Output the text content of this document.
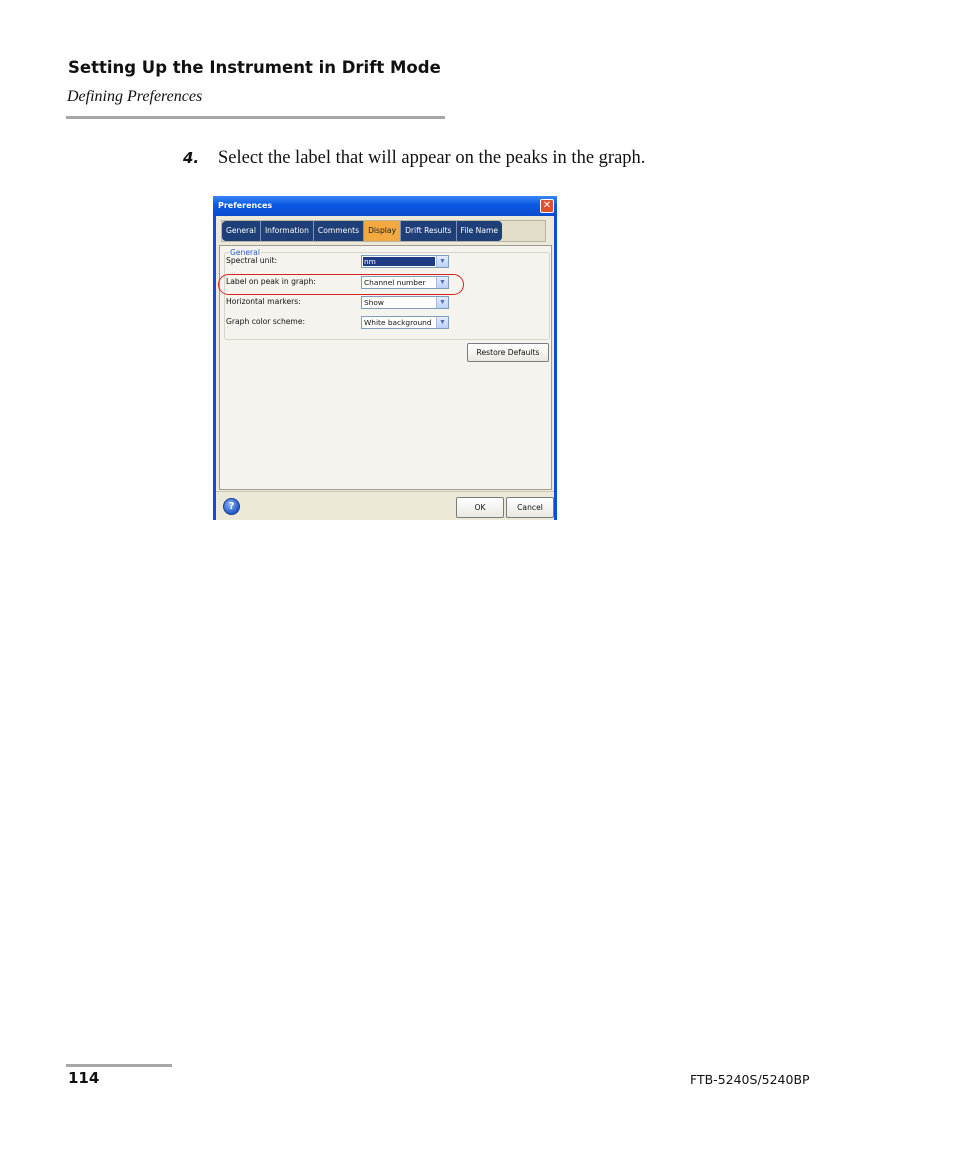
Setting Up the Instrument in Drift Mode
Defining Preferences
4. Select the label that will appear on the peaks in the graph.
Preferences	✕
General	Information	Comments	Display	Drift Results	File Name
General
Spectral unit:	nm	▼
Label on peak in graph:	Channel number	▼
Horizontal markers:	Show	▼
Graph color scheme:	White background	▼
Restore Defaults
?	OK	Cancel
114	FTB-5240S/5240BP
